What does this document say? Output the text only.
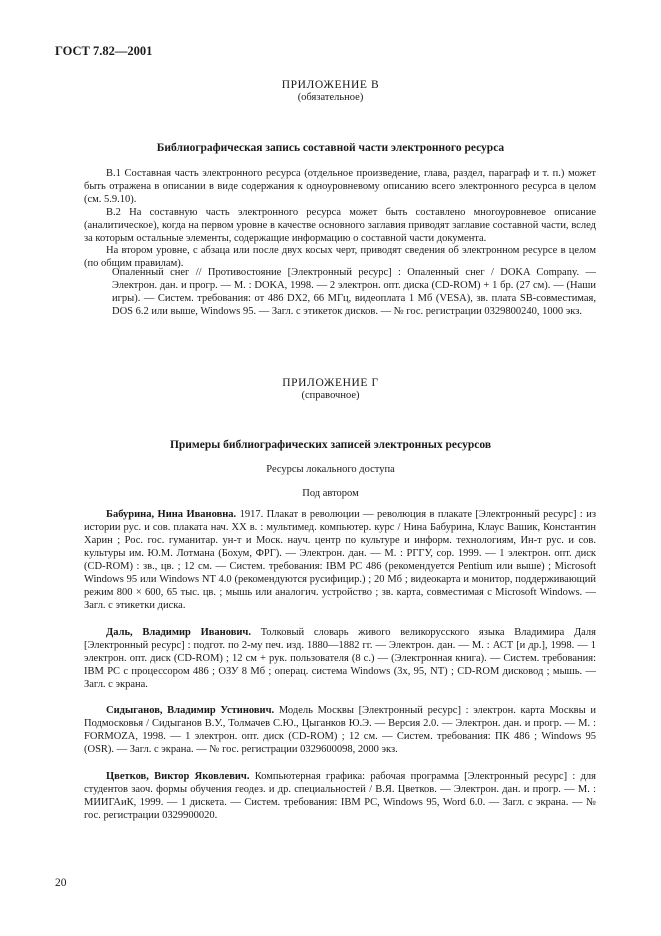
ГОСТ 7.82—2001
ПРИЛОЖЕНИЕ В
(обязательное)
Библиографическая запись составной части электронного ресурса

В.1 Составная часть электронного ресурса (отдельное произведение, глава, раздел, параграф и т. п.) может быть отражена в описании в виде содержания к одноуровневому описанию всего электронного ресурса в целом (см. 5.9.10).

В.2 На составную часть электронного ресурса может быть составлено многоуровневое описание (аналитическое), когда на первом уровне в качестве основного заглавия приводят заглавие составной части, вслед за которым остальные элементы, содержащие информацию о составной части документа.

На втором уровне, с абзаца или после двух косых черт, приводят сведения об электронном ресурсе в целом (по общим правилам).

Опаленный снег // Противостояние [Электронный ресурс] : Опаленный снег / DOKA Company. — Электрон. дан. и прогр. — М. : DOKA, 1998. — 2 электрон. опт. диска (CD-ROM) + 1 бр. (27 см). — (Наши игры). — Систем. требования: от 486 DX2, 66 МГц, видеоплата 1 Мб (VESA), зв. плата SB-совместимая, DOS 6.2 или выше, Windows 95. — Загл. с этикеток дисков. — № гос. регистрации 0329800240, 1000 экз.

ПРИЛОЖЕНИЕ Г
(справочное)
Примеры библиографических записей электронных ресурсов
Ресурсы локального доступа
Под автором

Бабурина, Нина Ивановна. 1917. Плакат в революции — революция в плакате [Электронный ресурс] : из истории рус. и сов. плаката нач. XX в. : мультимед. компьютер. курс / Нина Бабурина, Клаус Вашик, Константин Харин ; Рос. гос. гуманитар. ун-т и Моск. науч. центр по культуре и информ. технологиям, Ин-т рус. и сов. культуры им. Ю.М. Лотмана (Бохум, ФРГ). — Электрон. дан. — М. : РГГУ, сор. 1999. — 1 электрон. опт. диск (CD-ROM) : зв., цв. ; 12 см. — Систем. требования: IBM PC 486 (рекомендуется Pentium или выше) ; Microsoft Windows 95 или Windows NT 4.0 (рекомендуются русифицир.) ; 20 Мб ; видеокарта и монитор, поддерживающий режим 800 × 600, 65 тыс. цв. ; мышь или аналогич. устройство ; зв. карта, совместимая с Microsoft Windows. — Загл. с этикетки диска.

Даль, Владимир Иванович. Толковый словарь живого великорусского языка Владимира Даля [Электронный ресурс] : подгот. по 2-му печ. изд. 1880—1882 гг. — Электрон. дан. — М. : АСТ [и др.], 1998. — 1 электрон. опт. диск (CD-ROM) ; 12 см + рук. пользователя (8 с.) — (Электронная книга). — Систем. требования: IBM PC с процессором 486 ; ОЗУ 8 Мб ; операц. система Windows (3х, 95, NT) ; CD-ROM дисковод ; мышь. — Загл. с экрана.

Сидыганов, Владимир Устинович. Модель Москвы [Электронный ресурс] : электрон. карта Москвы и Подмосковья / Сидыганов В.У., Толмачев С.Ю., Цыганков Ю.Э. — Версия 2.0. — Электрон. дан. и прогр. — М. : FORMOZA, 1998. — 1 электрон. опт. диск (CD-ROM) ; 12 см. — Систем. требования: ПК 486 ; Windows 95 (OSR). — Загл. с экрана. — № гос. регистрации 0329600098, 2000 экз.

Цветков, Виктор Яковлевич. Компьютерная графика: рабочая программа [Электронный ресурс] : для студентов заоч. формы обучения геодез. и др. специальностей / В.Я. Цветков. — Электрон. дан. и прогр. — М. : МИИГАиК, 1999. — 1 дискета. — Систем. требования: IBM PC, Windows 95, Word 6.0. — Загл. с экрана. — № гос. регистрации 0329900020.

20
